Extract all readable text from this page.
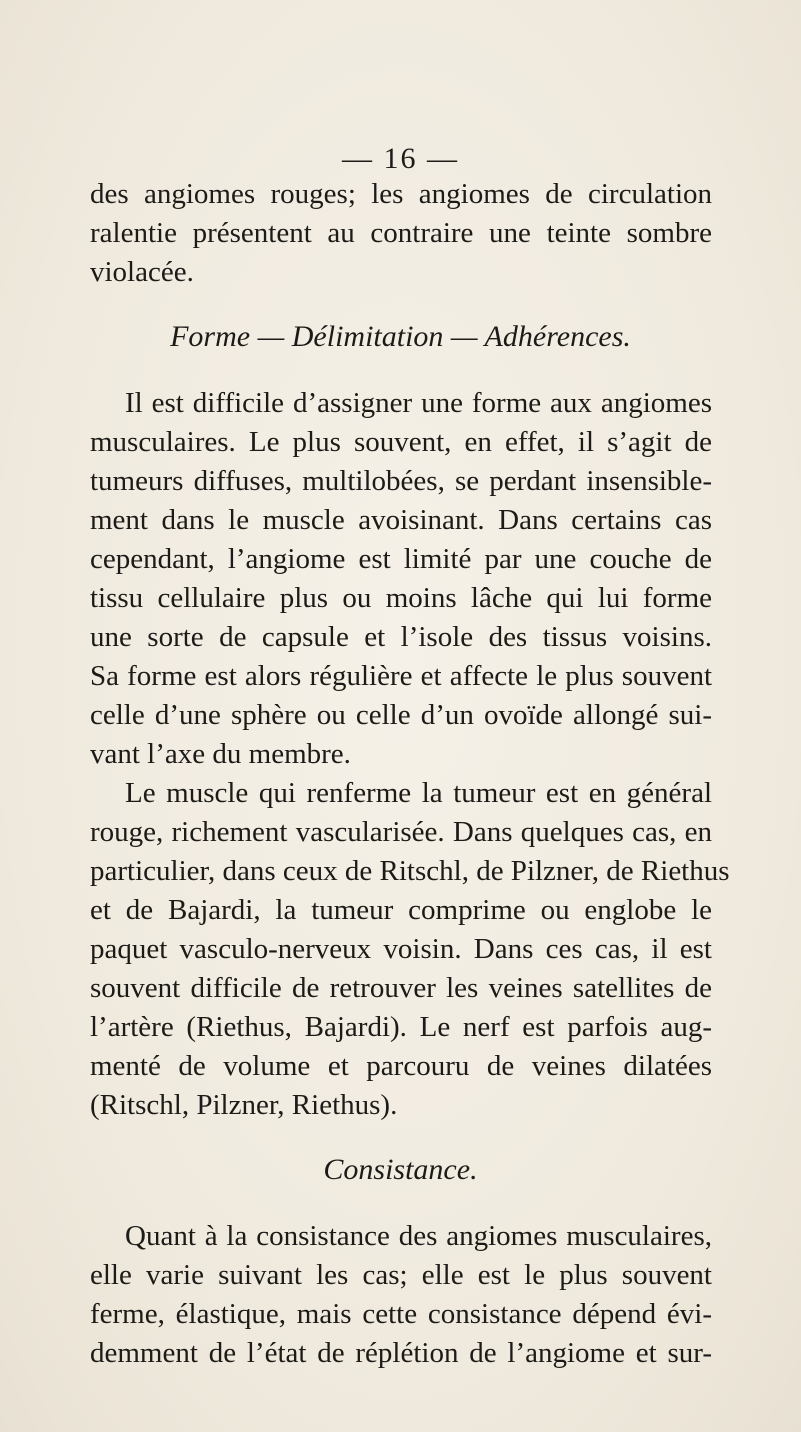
— 16 —
des angiomes rouges; les angiomes de circulation
ralentie présentent au contraire une teinte sombre
violacée.
Forme — Délimitation — Adhérences.
Il est difficile d’assigner une forme aux angiomes
musculaires. Le plus souvent, en effet, il s’agit de
tumeurs diffuses, multilobées, se perdant insensible-
ment dans le muscle avoisinant. Dans certains cas
cependant, l’angiome est limité par une couche de
tissu cellulaire plus ou moins lâche qui lui forme
une sorte de capsule et l’isole des tissus voisins.
Sa forme est alors régulière et affecte le plus souvent
celle d’une sphère ou celle d’un ovoïde allongé sui-
vant l’axe du membre.
Le muscle qui renferme la tumeur est en général
rouge, richement vascularisée. Dans quelques cas, en
particulier, dans ceux de Ritschl, de Pilzner, de Riethus
et de Bajardi, la tumeur comprime ou englobe le
paquet vasculo-nerveux voisin. Dans ces cas, il est
souvent difficile de retrouver les veines satellites de
l’artère (Riethus, Bajardi). Le nerf est parfois aug-
menté de volume et parcouru de veines dilatées
(Ritschl, Pilzner, Riethus).
Consistance.
Quant à la consistance des angiomes musculaires,
elle varie suivant les cas; elle est le plus souvent
ferme, élastique, mais cette consistance dépend évi-
demment de l’état de réplétion de l’angiome et sur-
